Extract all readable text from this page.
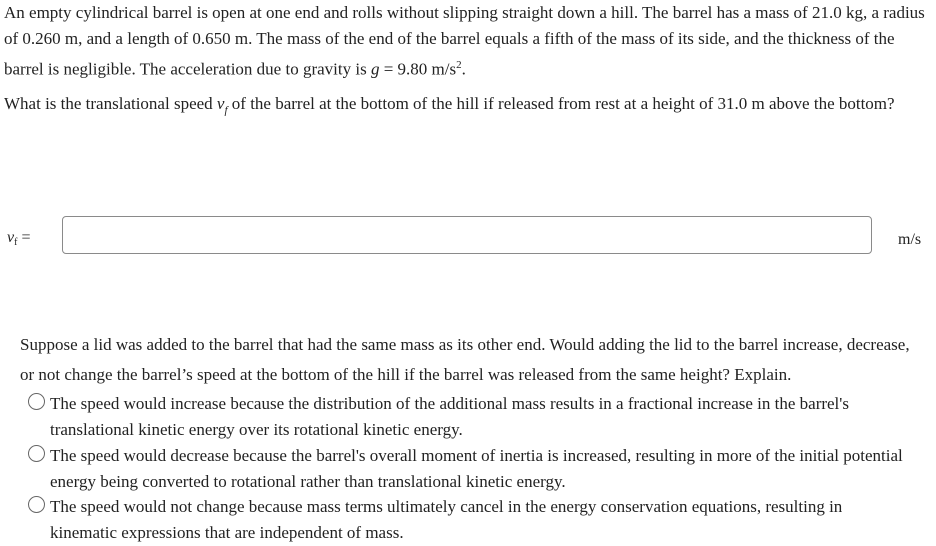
An empty cylindrical barrel is open at one end and rolls without slipping straight down a hill. The barrel has a mass of 21.0 kg, a radius of 0.260 m, and a length of 0.650 m. The mass of the end of the barrel equals a fifth of the mass of its side, and the thickness of the barrel is negligible. The acceleration due to gravity is g = 9.80 $m/s^2$.

What is the translational speed $v_f$ of the barrel at the bottom of the hill if released from rest at a height of 31.0 m above the bottom?

$v_f$ =	m/s

Suppose a lid was added to the barrel that had the same mass as its other end. Would adding the lid to the barrel increase, decrease, or not change the barrel’s speed at the bottom of the hill if the barrel was released from the same height? Explain.

The speed would increase because the distribution of the additional mass results in a fractional increase in the barrel's translational kinetic energy over its rotational kinetic energy.
The speed would decrease because the barrel's overall moment of inertia is increased, resulting in more of the initial potential energy being converted to rotational rather than translational kinetic energy.
The speed would not change because mass terms ultimately cancel in the energy conservation equations, resulting in kinematic expressions that are independent of mass.
